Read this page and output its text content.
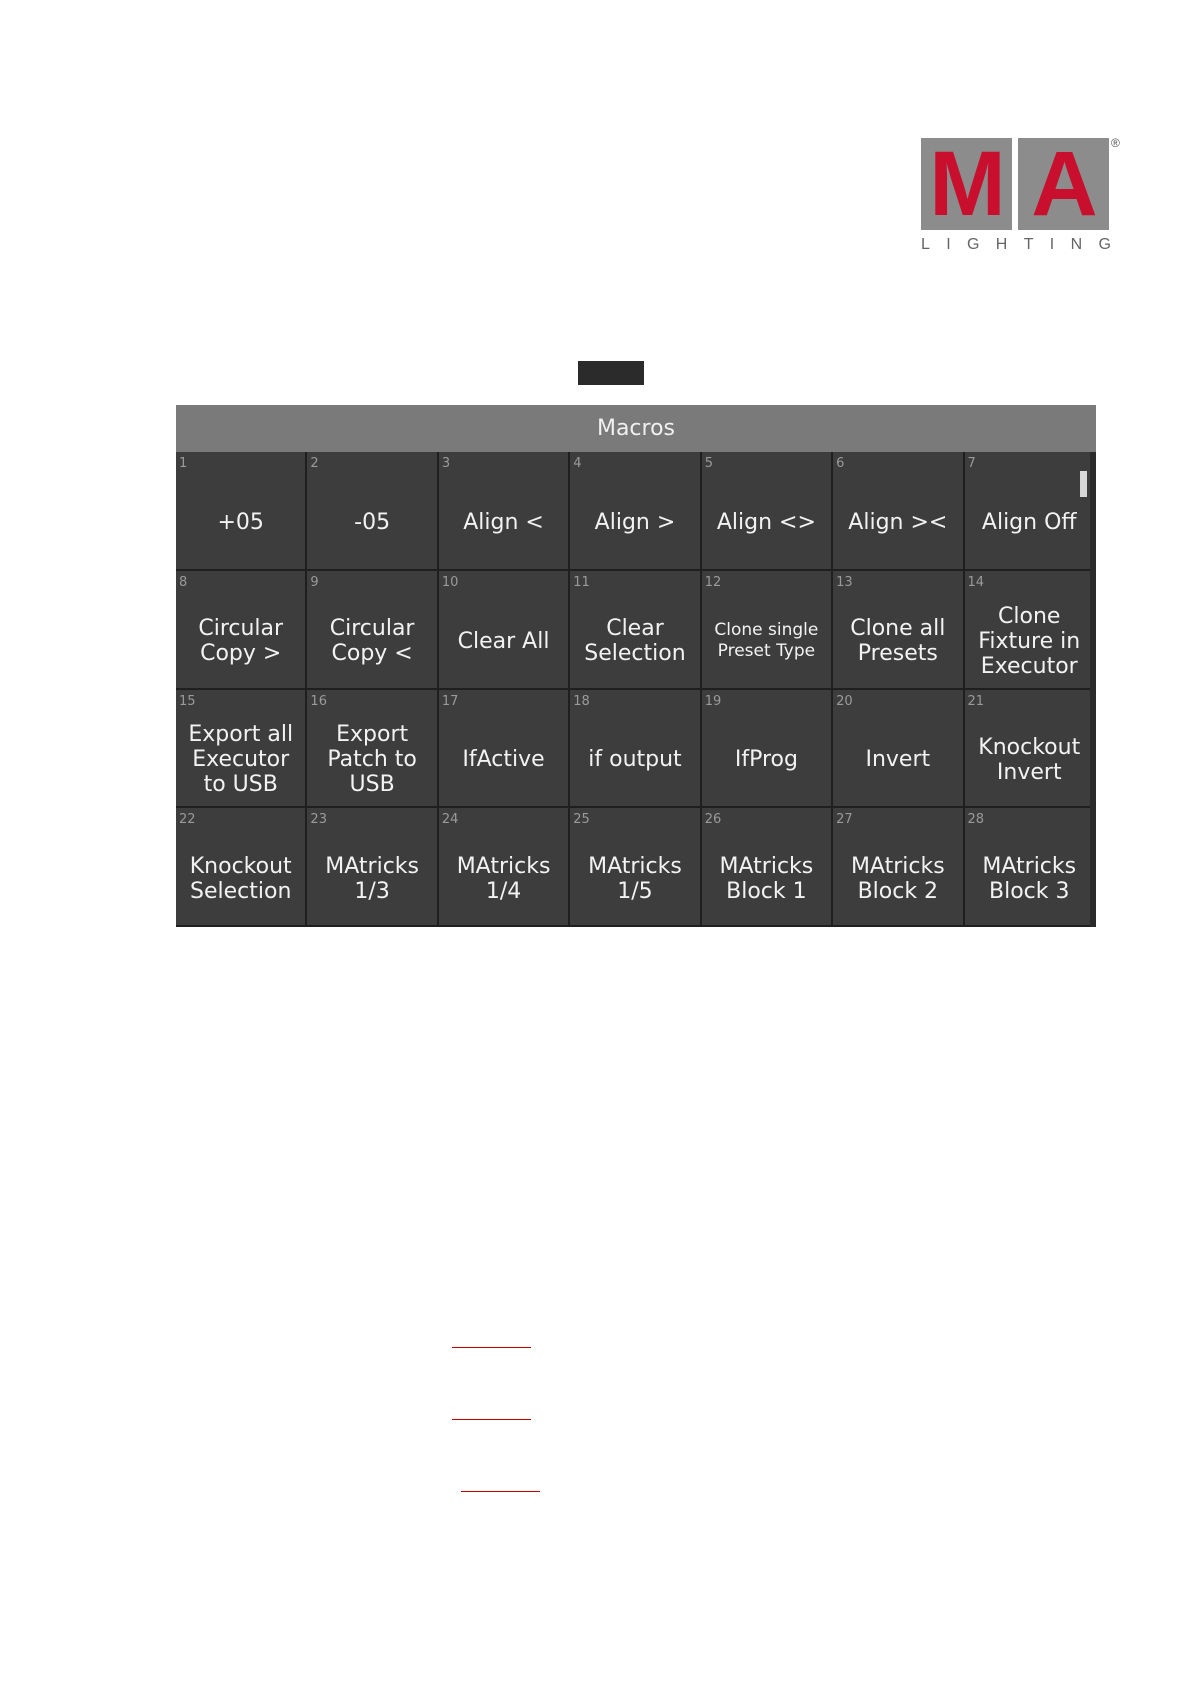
M A	®
L I G H T I N G
Macros
1
+05
2
-05
3
Align <
4
Align >
5
Align <>
6
Align ><
7
Align Off
8
Circular
Copy >
9
Circular
Copy <
10
Clear All
11
Clear
Selection
12
Clone single
Preset Type
13
Clone all
Presets
14
Clone
Fixture in
Executor
15
Export all
Executor
to USB
16
Export
Patch to
USB
17
IfActive
18
if output
19
IfProg
20
Invert
21
Knockout
Invert
22
Knockout
Selection
23
MAtricks
1/3
24
MAtricks
1/4
25
MAtricks
1/5
26
MAtricks
Block 1
27
MAtricks
Block 2
28
MAtricks
Block 3
